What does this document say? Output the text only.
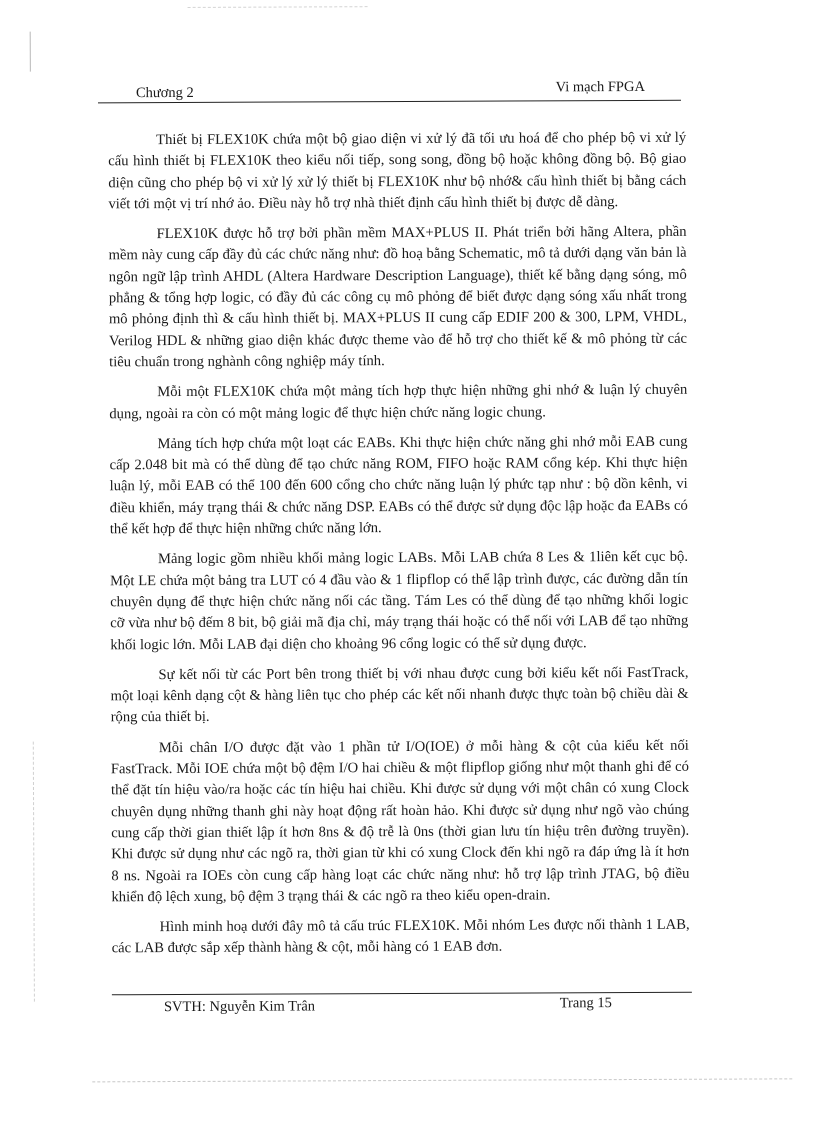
Chương 2	Vi mạch FPGA

Thiết bị FLEX10K chứa một bộ giao diện vi xử lý đã tối ưu hoá để cho phép bộ vi xử lý cấu hình thiết bị FLEX10K theo kiểu nối tiếp, song song, đồng bộ hoặc không đồng bộ. Bộ giao diện cũng cho phép bộ vi xử lý xử lý thiết bị FLEX10K như bộ nhớ& cấu hình thiết bị bằng cách viết tới một vị trí nhớ ảo. Điều này hỗ trợ nhà thiết định cấu hình thiết bị được dễ dàng.

FLEX10K được hỗ trợ bởi phần mềm MAX+PLUS II. Phát triển bởi hãng Altera, phần mềm này cung cấp đầy đủ các chức năng như: đồ hoạ bằng Schematic, mô tả dưới dạng văn bản là ngôn ngữ lập trình AHDL (Altera Hardware Description Language), thiết kế bằng dạng sóng, mô phẳng & tổng hợp logic, có đầy đủ các công cụ mô phỏng để biết được dạng sóng xấu nhất trong mô phỏng định thì & cấu hình thiết bị. MAX+PLUS II cung cấp EDIF 200 & 300, LPM, VHDL, Verilog HDL & những giao diện khác được theme vào để hỗ trợ cho thiết kế & mô phỏng từ các tiêu chuẩn trong nghành công nghiệp máy tính.

Mỗi một FLEX10K chứa một mảng tích hợp thực hiện những ghi nhớ & luận lý chuyên dụng, ngoài ra còn có một mảng logic để thực hiện chức năng logic chung.

Mảng tích hợp chứa một loạt các EABs. Khi thực hiện chức năng ghi nhớ mỗi EAB cung cấp 2.048 bit mà có thể dùng để tạo chức năng ROM, FIFO hoặc RAM cổng kép. Khi thực hiện luận lý, mỗi EAB có thể 100 đến 600 cổng cho chức năng luận lý phức tạp như : bộ dồn kênh, vi điều khiển, máy trạng thái & chức năng DSP. EABs có thể được sử dụng độc lập hoặc đa EABs có thể kết hợp để thực hiện những chức năng lớn.

Mảng logic gồm nhiều khối mảng logic LABs. Mỗi LAB chứa 8 Les & 1liên kết cục bộ. Một LE chứa một bảng tra LUT có 4 đầu vào & 1 flipflop có thể lập trình được, các đường dẫn tín chuyên dụng để thực hiện chức năng nối các tầng. Tám Les có thể dùng để tạo những khối logic cỡ vừa như bộ đếm 8 bit, bộ giải mã địa chỉ, máy trạng thái hoặc có thể nối với LAB để tạo những khối logic lớn. Mỗi LAB đại diện cho khoảng 96 cổng logic có thể sử dụng được.

Sự kết nối từ các Port bên trong thiết bị với nhau được cung bởi kiểu kết nối FastTrack, một loại kênh dạng cột & hàng liên tục cho phép các kết nối nhanh được thực toàn bộ chiều dài & rộng của thiết bị.

Mỗi chân I/O được đặt vào 1 phần tử I/O(IOE) ở mỗi hàng & cột của kiểu kết nối FastTrack. Mỗi IOE chứa một bộ đệm I/O hai chiều & một flipflop giống như một thanh ghi để có thể đặt tín hiệu vào/ra hoặc các tín hiệu hai chiều. Khi được sử dụng với một chân có xung Clock chuyên dụng những thanh ghi này hoạt động rất hoàn hảo. Khi được sử dụng như ngõ vào chúng cung cấp thời gian thiết lập ít hơn 8ns & độ trễ là 0ns (thời gian lưu tín hiệu trên đường truyền). Khi được sử dụng như các ngõ ra, thời gian từ khi có xung Clock đến khi ngõ ra đáp ứng là ít hơn 8 ns. Ngoài ra IOEs còn cung cấp hàng loạt các chức năng như: hỗ trợ lập trình JTAG, bộ điều khiển độ lệch xung, bộ đệm 3 trạng thái & các ngõ ra theo kiểu open-drain.

Hình minh hoạ dưới đây mô tả cấu trúc FLEX10K. Mỗi nhóm Les được nối thành 1 LAB, các LAB được sắp xếp thành hàng & cột, mỗi hàng có 1 EAB đơn.

SVTH: Nguyễn Kim Trân	Trang 15
